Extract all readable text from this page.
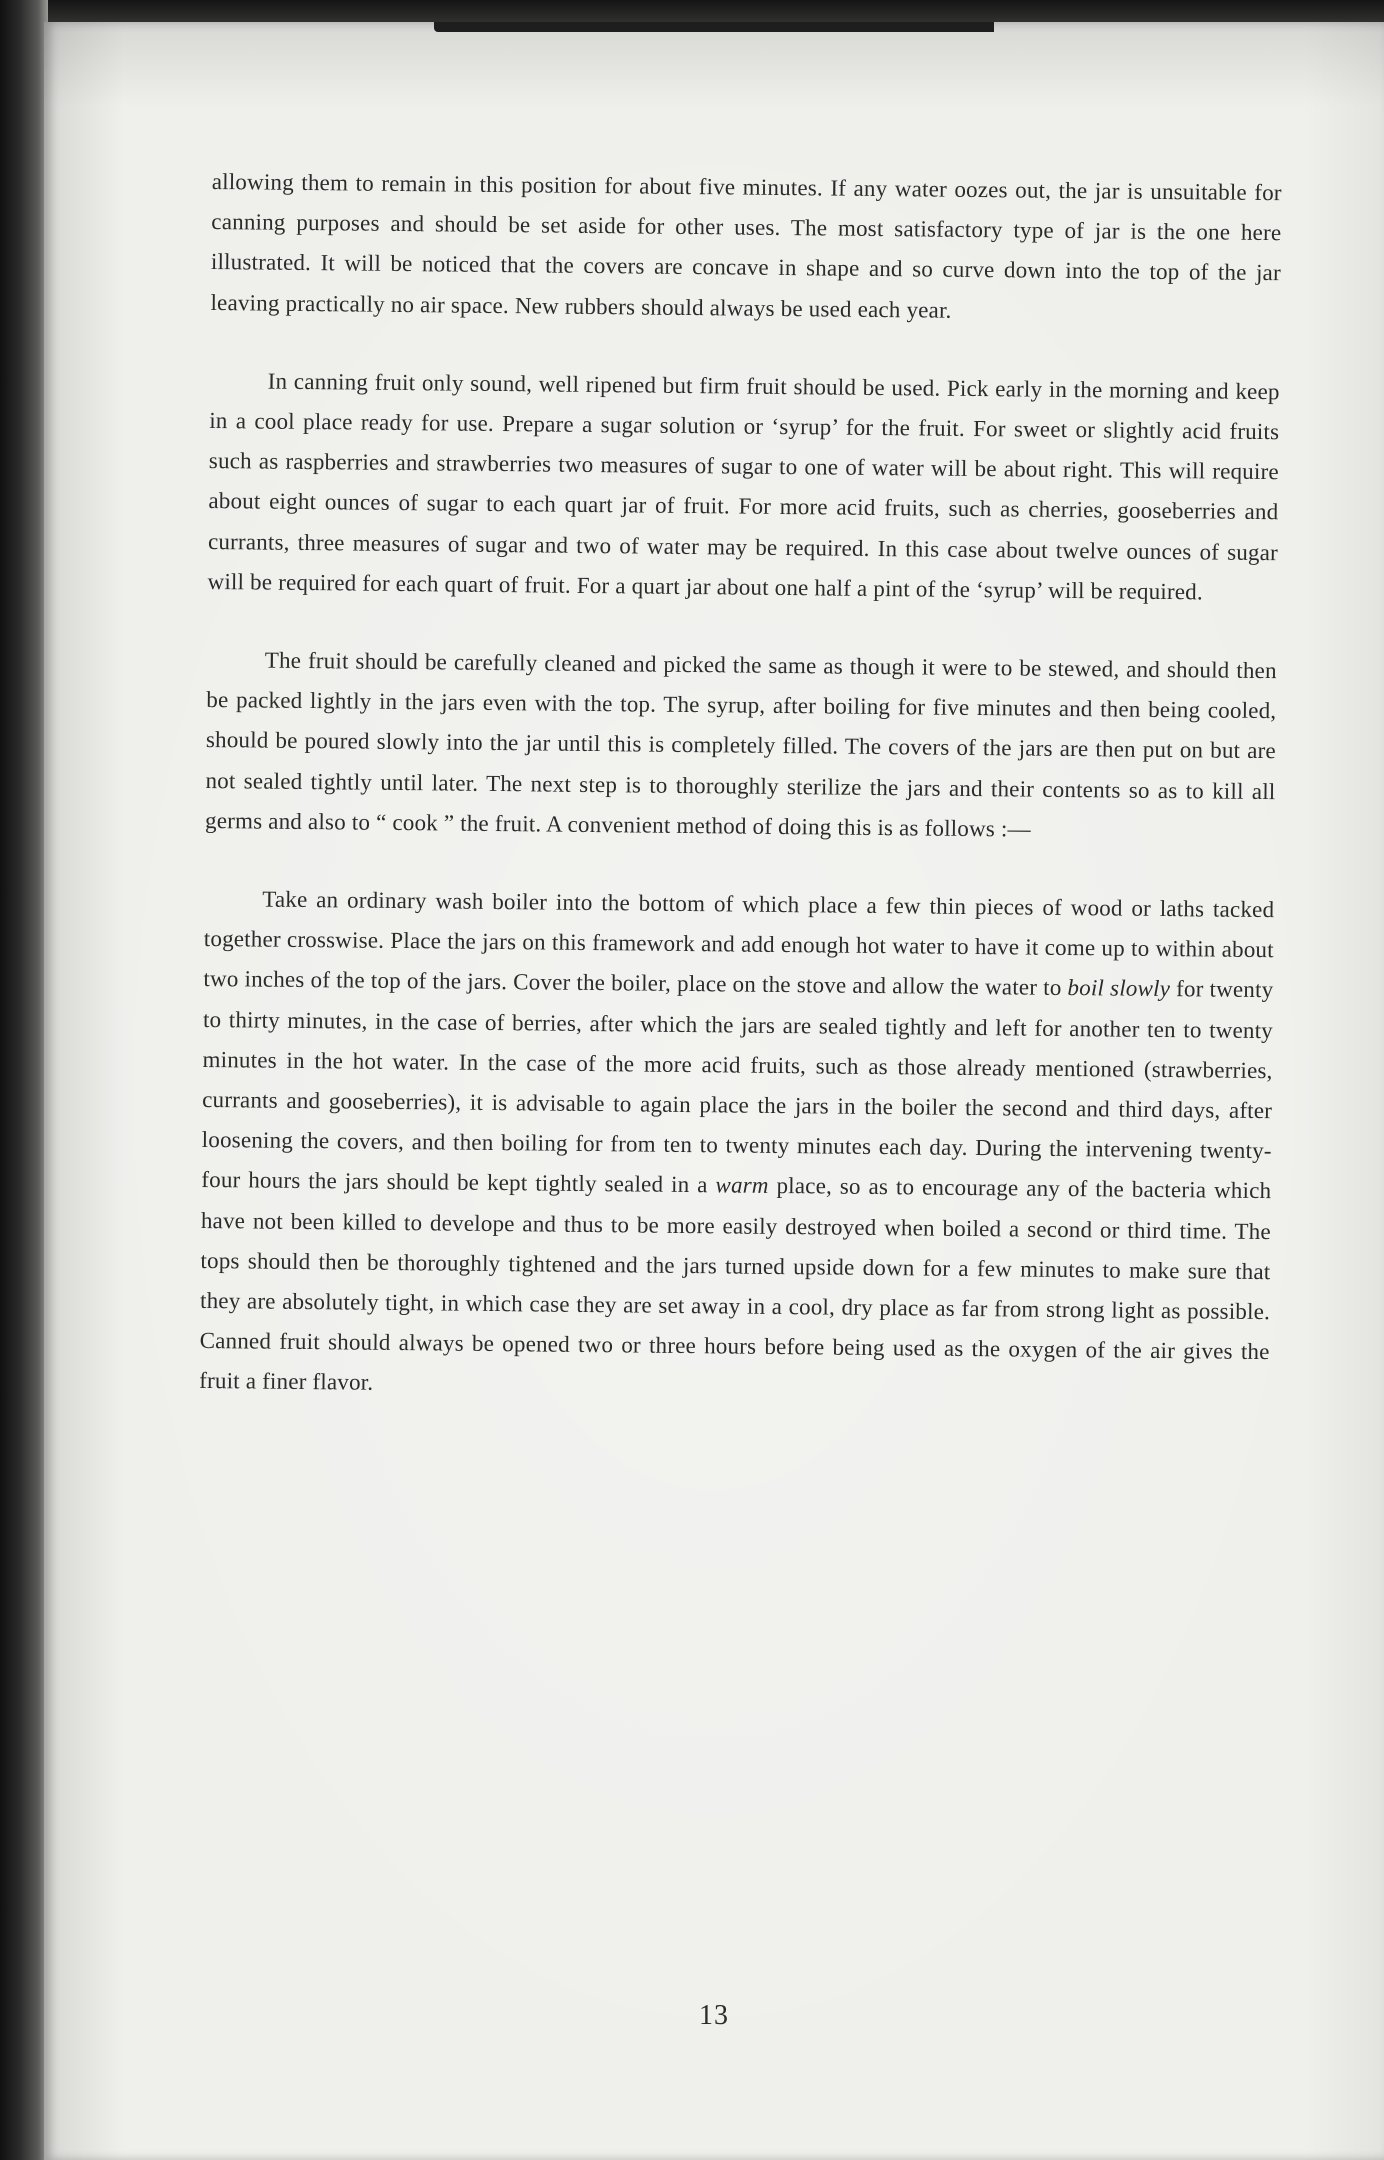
allowing them to remain in this position for about five minutes. If any water oozes out, the jar is unsuitable for canning purposes and should be set aside for other uses. The most satisfactory type of jar is the one here illustrated. It will be noticed that the covers are concave in shape and so curve down into the top of the jar leaving practically no air space. New rubbers should always be used each year.

In canning fruit only sound, well ripened but firm fruit should be used. Pick early in the morning and keep in a cool place ready for use. Prepare a sugar solution or ‘syrup’ for the fruit. For sweet or slightly acid fruits such as raspberries and strawberries two measures of sugar to one of water will be about right. This will require about eight ounces of sugar to each quart jar of fruit. For more acid fruits, such as cherries, gooseberries and currants, three measures of sugar and two of water may be required. In this case about twelve ounces of sugar will be required for each quart of fruit. For a quart jar about one half a pint of the ‘syrup’ will be required.

The fruit should be carefully cleaned and picked the same as though it were to be stewed, and should then be packed lightly in the jars even with the top. The syrup, after boiling for five minutes and then being cooled, should be poured slowly into the jar until this is completely filled. The covers of the jars are then put on but are not sealed tightly until later. The next step is to thoroughly sterilize the jars and their contents so as to kill all germs and also to “ cook ” the fruit. A convenient method of doing this is as follows :—

Take an ordinary wash boiler into the bottom of which place a few thin pieces of wood or laths tacked together crosswise. Place the jars on this framework and add enough hot water to have it come up to within about two inches of the top of the jars. Cover the boiler, place on the stove and allow the water to boil slowly for twenty to thirty minutes, in the case of berries, after which the jars are sealed tightly and left for another ten to twenty minutes in the hot water. In the case of the more acid fruits, such as those already mentioned (strawberries, currants and gooseberries), it is advisable to again place the jars in the boiler the second and third days, after loosening the covers, and then boiling for from ten to twenty minutes each day. During the intervening twenty-four hours the jars should be kept tightly sealed in a warm place, so as to encourage any of the bacteria which have not been killed to develope and thus to be more easily destroyed when boiled a second or third time. The tops should then be thoroughly tightened and the jars turned upside down for a few minutes to make sure that they are absolutely tight, in which case they are set away in a cool, dry place as far from strong light as possible. Canned fruit should always be opened two or three hours before being used as the oxygen of the air gives the fruit a finer flavor.

13
